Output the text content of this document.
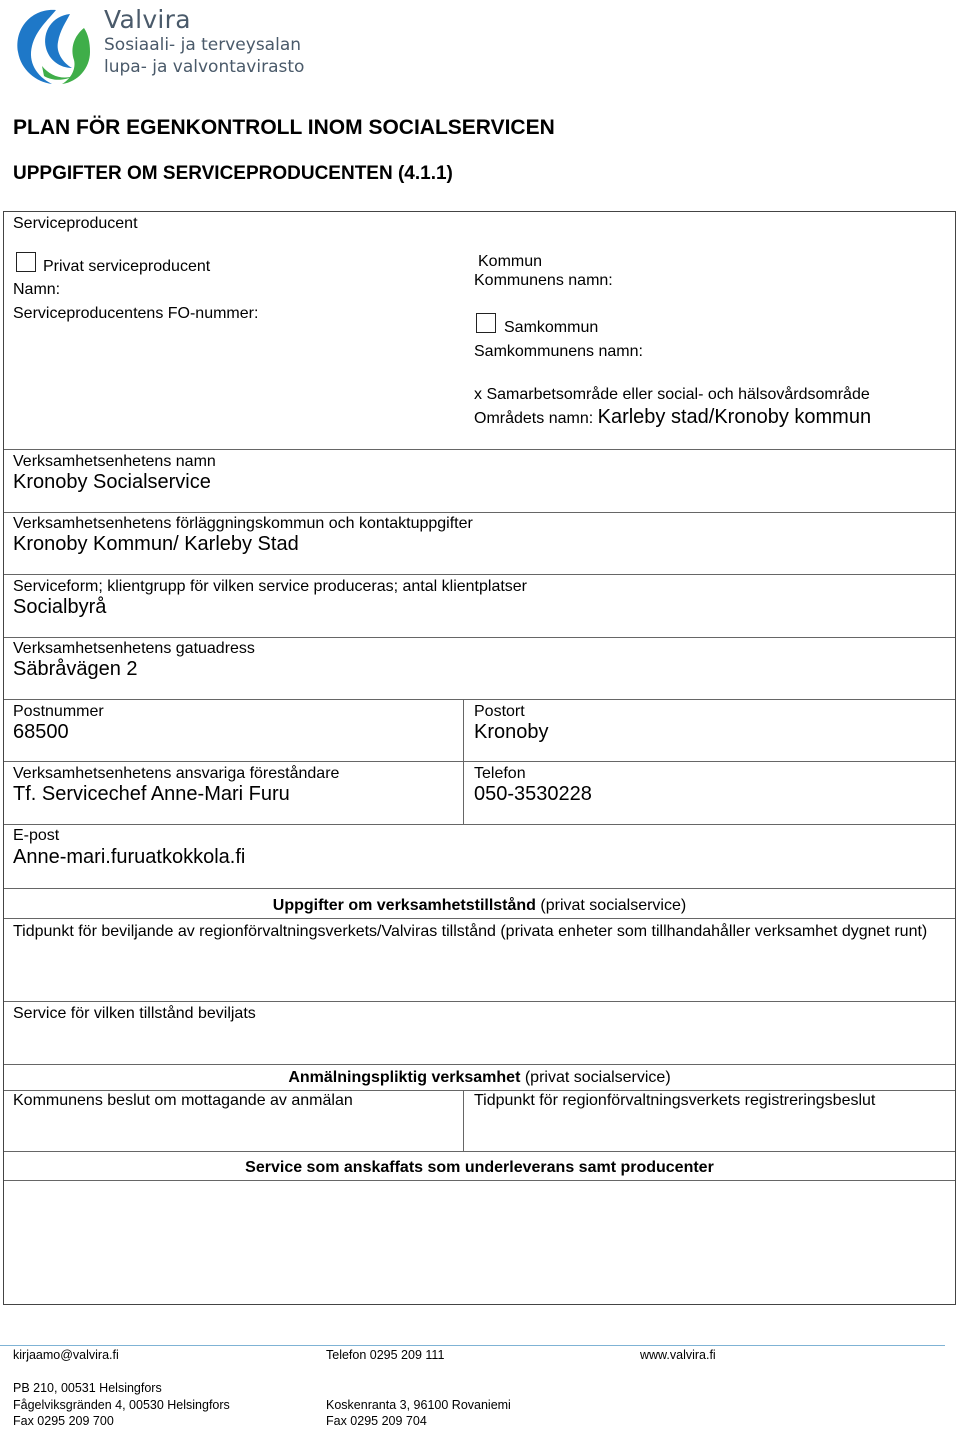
Valvira
Sosiaali- ja terveysalan
lupa- ja valvontavirasto
PLAN FÖR EGENKONTROLL INOM SOCIALSERVICEN
UPPGIFTER OM SERVICEPRODUCENTEN (4.1.1)
Serviceproducent
Privat serviceproducent
Namn:
Serviceproducentens FO-nummer:
Kommun
Kommunens namn:
Samkommun
Samkommunens namn:
x Samarbetsområde eller social- och hälsovårdsområde
Områdets namn: Karleby stad/Kronoby kommun
Verksamhetsenhetens namn
Kronoby Socialservice
Verksamhetsenhetens förläggningskommun och kontaktuppgifter
Kronoby Kommun/ Karleby Stad
Serviceform; klientgrupp för vilken service produceras; antal klientplatser
Socialbyrå
Verksamhetsenhetens gatuadress
Säbråvägen 2
Postnummer
68500
Postort
Kronoby
Verksamhetsenhetens ansvariga föreståndare
Tf. Servicechef Anne-Mari Furu
Telefon
050-3530228
E-post
Anne-mari.furuatkokkola.fi
Uppgifter om verksamhetstillstånd (privat socialservice)
Tidpunkt för beviljande av regionförvaltningsverkets/Valviras tillstånd (privata enheter som tillhandahåller verksamhet dygnet runt)
Service för vilken tillstånd beviljats
Anmälningspliktig verksamhet (privat socialservice)
Kommunens beslut om mottagande av anmälan	Tidpunkt för regionförvaltningsverkets registreringsbeslut
Service som anskaffats som underleverans samt producenter
kirjaamo@valvira.fi	Telefon 0295 209 111	www.valvira.fi
PB 210, 00531 Helsingfors
Fågelviksgränden 4, 00530 Helsingfors
Fax 0295 209 700
Koskenranta 3, 96100 Rovaniemi
Fax 0295 209 704
